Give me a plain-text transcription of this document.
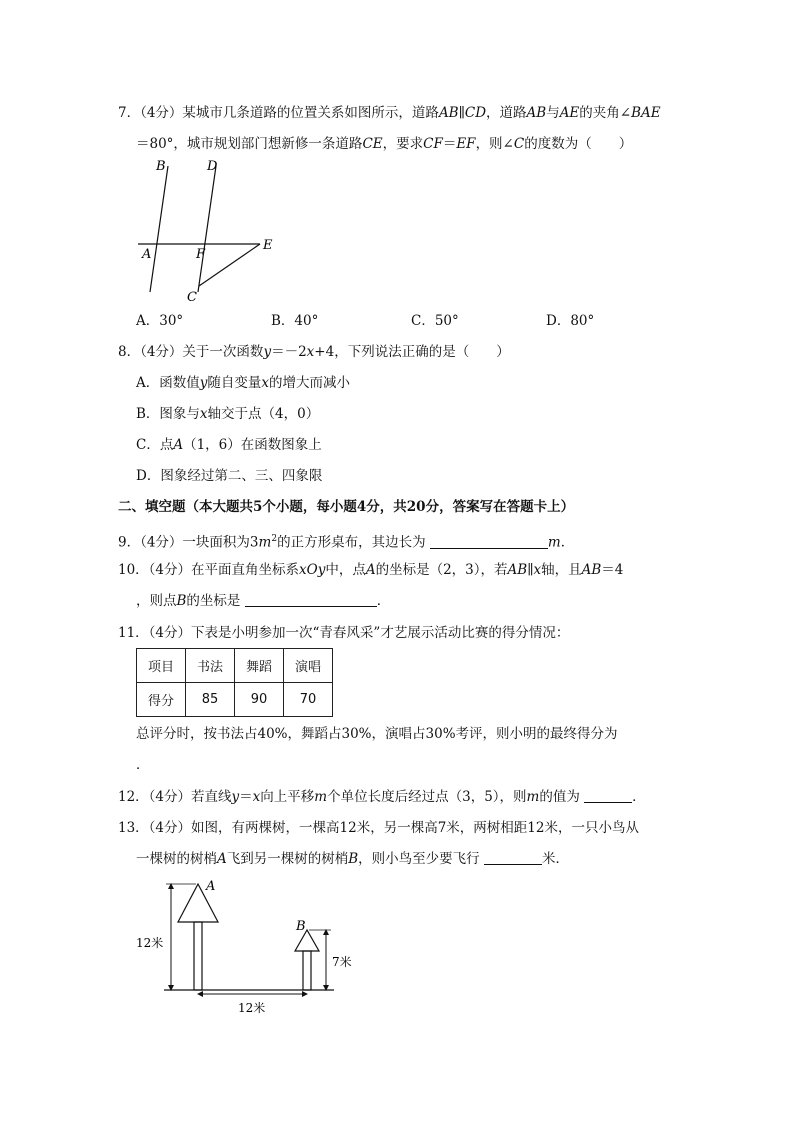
7．（4分）某城市几条道路的位置关系如图所示，道路AB∥CD，道路AB与AE的夹角∠BAE
＝80°，城市规划部门想新修一条道路CE，要求CF＝EF，则∠C的度数为（　　）
B	D
A	F
E
C
A．30°	B．40°	C．50°	D．80°
8．（4分）关于一次函数y＝－2x+4，下列说法正确的是（　　）
A．函数值y随自变量x的增大而减小
B．图象与x轴交于点（4，0）
C．点A（1，6）在函数图象上
D．图象经过第二、三、四象限
二、填空题（本大题共5个小题，每小题4分，共20分，答案写在答题卡上）
9．（4分）一块面积为$3m^2$的正方形桌布，其边长为	m．
10．（4分）在平面直角坐标系xOy中，点A的坐标是（2，3），若AB∥x轴，且AB＝4
，则点B的坐标是	．
11．（4分）下表是小明参加一次“青春风采”才艺展示活动比赛的得分情况：
项目	书法	舞蹈	演唱
得分	85	90	70
总评分时，按书法占40%，舞蹈占30%，演唱占30%考评，则小明的最终得分为
．
12．（4分）若直线y＝x向上平移m个单位长度后经过点（3，5），则m的值为	．
13．（4分）如图，有两棵树，一棵高12米，另一棵高7米，两树相距12米，一只小鸟从
一棵树的树梢A飞到另一棵树的树梢B，则小鸟至少要飞行	米．
A
B
12米
7米
12米
